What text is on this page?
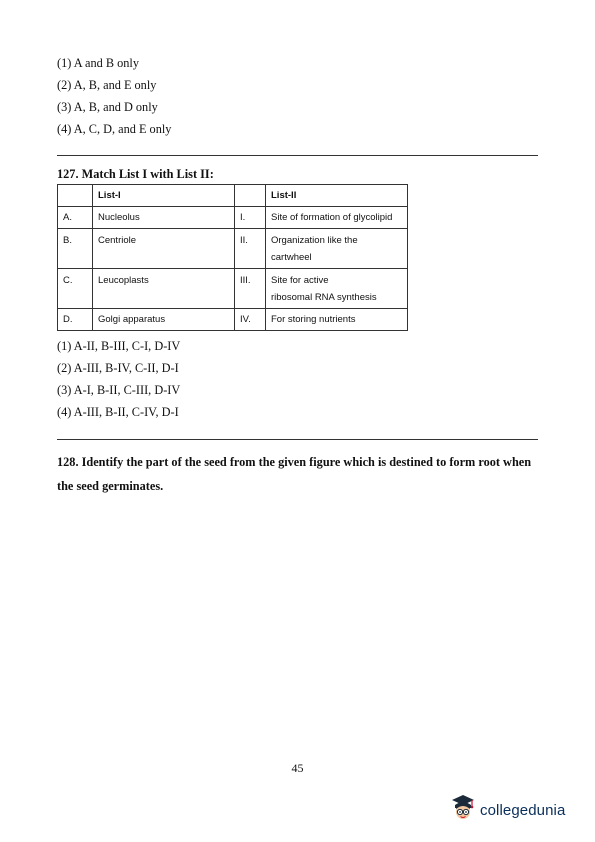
(1) A and B only
(2) A, B, and E only
(3) A, B, and D only
(4) A, C, D, and E only
127. Match List I with List II:
	List-I		List-II
A.	Nucleolus	I.	Site of formation of glycolipid
B.	Centriole	II.	Organization like the
cartwheel

C.	Leucoplasts	III.	Site for active
ribosomal RNA synthesis

D.	Golgi apparatus	IV.	For storing nutrients
(1) A-II, B-III, C-I, D-IV
(2) A-III, B-IV, C-II, D-I
(3) A-I, B-II, C-III, D-IV
(4) A-III, B-II, C-IV, D-I
128. Identify the part of the seed from the given figure which is destined to form root when the seed germinates.
45
collegedunia
